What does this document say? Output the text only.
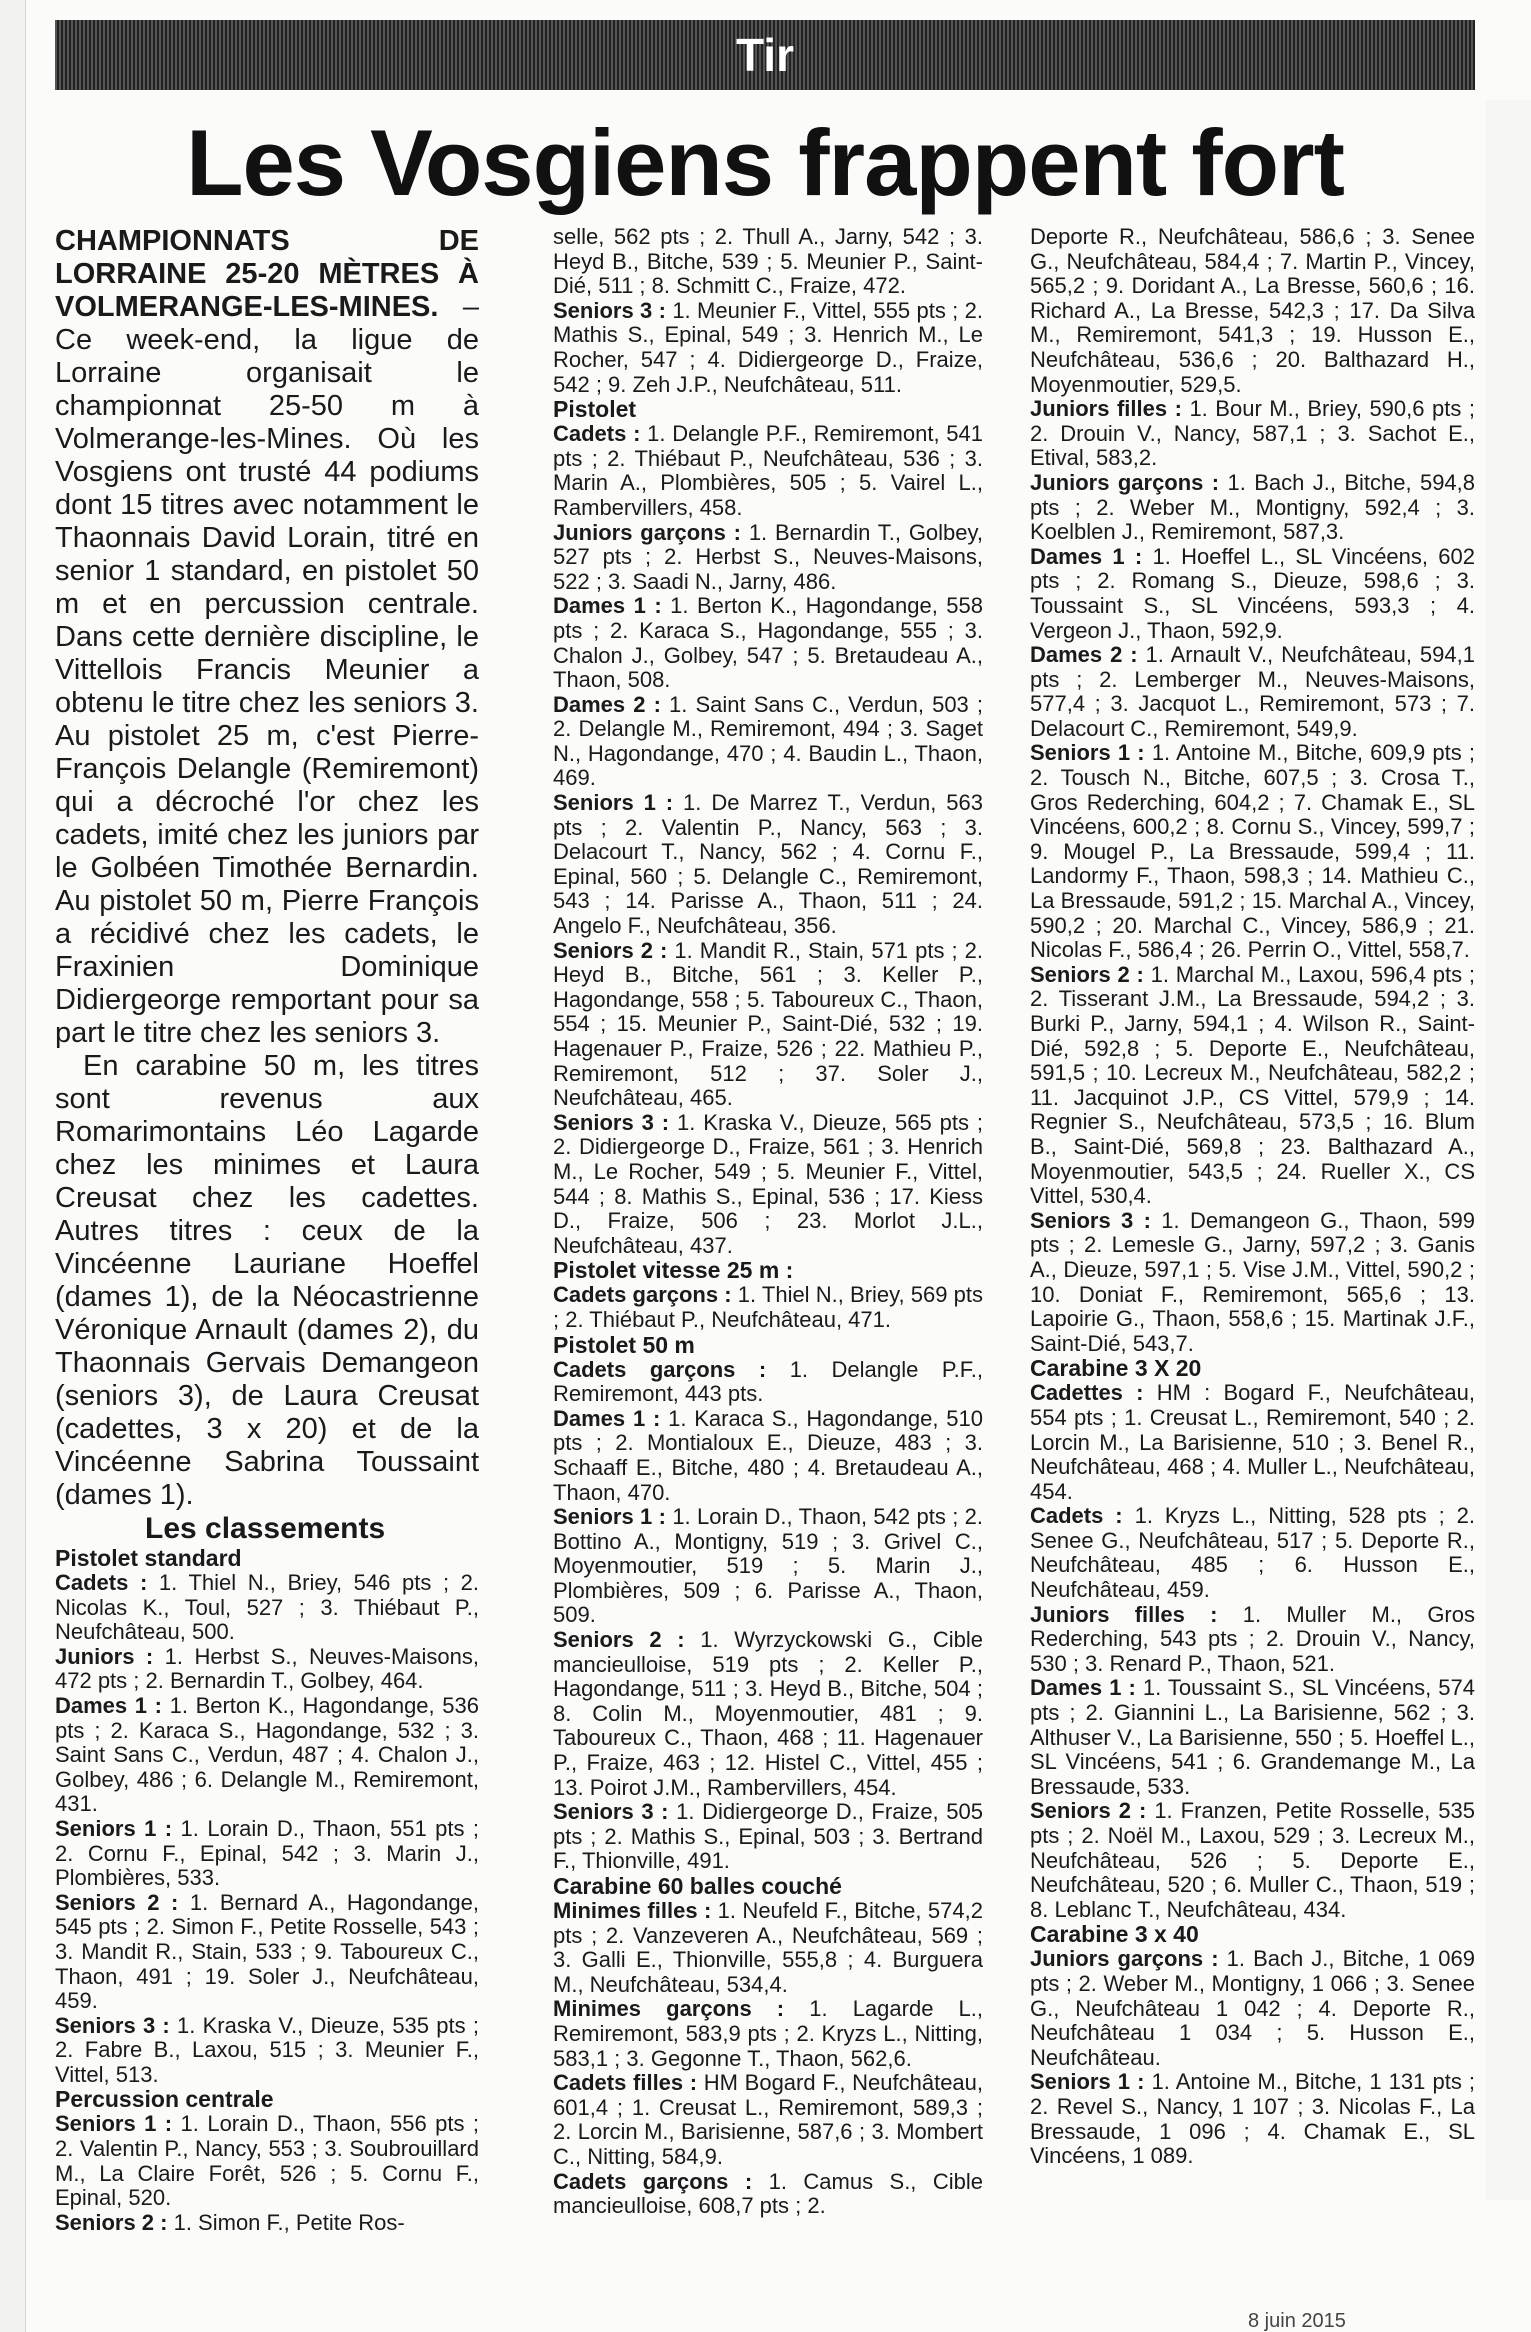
Tir
Les Vosgiens frappent fort

CHAMPIONNATS DE LORRAINE 25-20 MÈTRES À VOLMERANGE-LES-MINES. – Ce week-end, la ligue de Lorraine organisait le championnat 25-50 m à Volmerange-les-Mines. Où les Vosgiens ont trusté 44 podiums dont 15 titres avec notamment le Thaonnais David Lorain, titré en senior 1 standard, en pistolet 50 m et en percussion centrale. Dans cette dernière discipline, le Vittellois Francis Meunier a obtenu le titre chez les seniors 3. Au pistolet 25 m, c'est Pierre-François Delangle (Remiremont) qui a décroché l'or chez les cadets, imité chez les juniors par le Golbéen Timothée Bernardin. Au pistolet 50 m, Pierre François a récidivé chez les cadets, le Fraxinien Dominique Didiergeorge remportant pour sa part le titre chez les seniors 3.

En carabine 50 m, les titres sont revenus aux Romarimontains Léo Lagarde chez les minimes et Laura Creusat chez les cadettes. Autres titres : ceux de la Vincéenne Lauriane Hoeffel (dames 1), de la Néocastrienne Véronique Arnault (dames 2), du Thaonnais Gervais Demangeon (seniors 3), de Laura Creusat (cadettes, 3 x 20) et de la Vincéenne Sabrina Toussaint (dames 1).

Les classements

Pistolet standard

Cadets : 1. Thiel N., Briey, 546 pts ; 2. Nicolas K., Toul, 527 ; 3. Thiébaut P., Neufchâteau, 500.

Juniors : 1. Herbst S., Neuves-Maisons, 472 pts ; 2. Bernardin T., Golbey, 464.

Dames 1 : 1. Berton K., Hagondange, 536 pts ; 2. Karaca S., Hagondange, 532 ; 3. Saint Sans C., Verdun, 487 ; 4. Chalon J., Golbey, 486 ; 6. Delangle M., Remiremont, 431.

Seniors 1 : 1. Lorain D., Thaon, 551 pts ; 2. Cornu F., Epinal, 542 ; 3. Marin J., Plombières, 533.

Seniors 2 : 1. Bernard A., Hagondange, 545 pts ; 2. Simon F., Petite Rosselle, 543 ; 3. Mandit R., Stain, 533 ; 9. Taboureux C., Thaon, 491 ; 19. Soler J., Neufchâteau, 459.

Seniors 3 : 1. Kraska V., Dieuze, 535 pts ; 2. Fabre B., Laxou, 515 ; 3. Meunier F., Vittel, 513.

Percussion centrale

Seniors 1 : 1. Lorain D., Thaon, 556 pts ; 2. Valentin P., Nancy, 553 ; 3. Soubrouillard M., La Claire Forêt, 526 ; 5. Cornu F., Epinal, 520.

Seniors 2 : 1. Simon F., Petite Ros-

selle, 562 pts ; 2. Thull A., Jarny, 542 ; 3. Heyd B., Bitche, 539 ; 5. Meunier P., Saint-Dié, 511 ; 8. Schmitt C., Fraize, 472.

Seniors 3 : 1. Meunier F., Vittel, 555 pts ; 2. Mathis S., Epinal, 549 ; 3. Henrich M., Le Rocher, 547 ; 4. Didiergeorge D., Fraize, 542 ; 9. Zeh J.P., Neufchâteau, 511.

Pistolet

Cadets : 1. Delangle P.F., Remiremont, 541 pts ; 2. Thiébaut P., Neufchâteau, 536 ; 3. Marin A., Plombières, 505 ; 5. Vairel L., Rambervillers, 458.

Juniors garçons : 1. Bernardin T., Golbey, 527 pts ; 2. Herbst S., Neuves-Maisons, 522 ; 3. Saadi N., Jarny, 486.

Dames 1 : 1. Berton K., Hagondange, 558 pts ; 2. Karaca S., Hagondange, 555 ; 3. Chalon J., Golbey, 547 ; 5. Bretaudeau A., Thaon, 508.

Dames 2 : 1. Saint Sans C., Verdun, 503 ; 2. Delangle M., Remiremont, 494 ; 3. Saget N., Hagondange, 470 ; 4. Baudin L., Thaon, 469.

Seniors 1 : 1. De Marrez T., Verdun, 563 pts ; 2. Valentin P., Nancy, 563 ; 3. Delacourt T., Nancy, 562 ; 4. Cornu F., Epinal, 560 ; 5. Delangle C., Remiremont, 543 ; 14. Parisse A., Thaon, 511 ; 24. Angelo F., Neufchâteau, 356.

Seniors 2 : 1. Mandit R., Stain, 571 pts ; 2. Heyd B., Bitche, 561 ; 3. Keller P., Hagondange, 558 ; 5. Taboureux C., Thaon, 554 ; 15. Meunier P., Saint-Dié, 532 ; 19. Hagenauer P., Fraize, 526 ; 22. Mathieu P., Remiremont, 512 ; 37. Soler J., Neufchâteau, 465.

Seniors 3 : 1. Kraska V., Dieuze, 565 pts ; 2. Didiergeorge D., Fraize, 561 ; 3. Henrich M., Le Rocher, 549 ; 5. Meunier F., Vittel, 544 ; 8. Mathis S., Epinal, 536 ; 17. Kiess D., Fraize, 506 ; 23. Morlot J.L., Neufchâteau, 437.

Pistolet vitesse 25 m :

Cadets garçons : 1. Thiel N., Briey, 569 pts ; 2. Thiébaut P., Neufchâteau, 471.

Pistolet 50 m

Cadets garçons : 1. Delangle P.F., Remiremont, 443 pts.

Dames 1 : 1. Karaca S., Hagondange, 510 pts ; 2. Montialoux E., Dieuze, 483 ; 3. Schaaff E., Bitche, 480 ; 4. Bretaudeau A., Thaon, 470.

Seniors 1 : 1. Lorain D., Thaon, 542 pts ; 2. Bottino A., Montigny, 519 ; 3. Grivel C., Moyenmoutier, 519 ; 5. Marin J., Plombières, 509 ; 6. Parisse A., Thaon, 509.

Seniors 2 : 1. Wyrzyckowski G., Cible mancieulloise, 519 pts ; 2. Keller P., Hagondange, 511 ; 3. Heyd B., Bitche, 504 ; 8. Colin M., Moyenmoutier, 481 ; 9. Taboureux C., Thaon, 468 ; 11. Hagenauer P., Fraize, 463 ; 12. Histel C., Vittel, 455 ; 13. Poirot J.M., Rambervillers, 454.

Seniors 3 : 1. Didiergeorge D., Fraize, 505 pts ; 2. Mathis S., Epinal, 503 ; 3. Bertrand F., Thionville, 491.

Carabine 60 balles couché

Minimes filles : 1. Neufeld F., Bitche, 574,2 pts ; 2. Vanzeveren A., Neufchâteau, 569 ; 3. Galli E., Thionville, 555,8 ; 4. Burguera M., Neufchâteau, 534,4.

Minimes garçons : 1. Lagarde L., Remiremont, 583,9 pts ; 2. Kryzs L., Nitting, 583,1 ; 3. Gegonne T., Thaon, 562,6.

Cadets filles : HM Bogard F., Neufchâteau, 601,4 ; 1. Creusat L., Remiremont, 589,3 ; 2. Lorcin M., Barisienne, 587,6 ; 3. Mombert C., Nitting, 584,9.

Cadets garçons : 1. Camus S., Cible mancieulloise, 608,7 pts ; 2.

Deporte R., Neufchâteau, 586,6 ; 3. Senee G., Neufchâteau, 584,4 ; 7. Martin P., Vincey, 565,2 ; 9. Doridant A., La Bresse, 560,6 ; 16. Richard A., La Bresse, 542,3 ; 17. Da Silva M., Remiremont, 541,3 ; 19. Husson E., Neufchâteau, 536,6 ; 20. Balthazard H., Moyenmoutier, 529,5.

Juniors filles : 1. Bour M., Briey, 590,6 pts ; 2. Drouin V., Nancy, 587,1 ; 3. Sachot E., Etival, 583,2.

Juniors garçons : 1. Bach J., Bitche, 594,8 pts ; 2. Weber M., Montigny, 592,4 ; 3. Koelblen J., Remiremont, 587,3.

Dames 1 : 1. Hoeffel L., SL Vincéens, 602 pts ; 2. Romang S., Dieuze, 598,6 ; 3. Toussaint S., SL Vincéens, 593,3 ; 4. Vergeon J., Thaon, 592,9.

Dames 2 : 1. Arnault V., Neufchâteau, 594,1 pts ; 2. Lemberger M., Neuves-Maisons, 577,4 ; 3. Jacquot L., Remiremont, 573 ; 7. Delacourt C., Remiremont, 549,9.

Seniors 1 : 1. Antoine M., Bitche, 609,9 pts ; 2. Tousch N., Bitche, 607,5 ; 3. Crosa T., Gros Rederching, 604,2 ; 7. Chamak E., SL Vincéens, 600,2 ; 8. Cornu S., Vincey, 599,7 ; 9. Mougel P., La Bressaude, 599,4 ; 11. Landormy F., Thaon, 598,3 ; 14. Mathieu C., La Bressaude, 591,2 ; 15. Marchal A., Vincey, 590,2 ; 20. Marchal C., Vincey, 586,9 ; 21. Nicolas F., 586,4 ; 26. Perrin O., Vittel, 558,7.

Seniors 2 : 1. Marchal M., Laxou, 596,4 pts ; 2. Tisserant J.M., La Bressaude, 594,2 ; 3. Burki P., Jarny, 594,1 ; 4. Wilson R., Saint-Dié, 592,8 ; 5. Deporte E., Neufchâteau, 591,5 ; 10. Lecreux M., Neufchâteau, 582,2 ; 11. Jacquinot J.P., CS Vittel, 579,9 ; 14. Regnier S., Neufchâteau, 573,5 ; 16. Blum B., Saint-Dié, 569,8 ; 23. Balthazard A., Moyenmoutier, 543,5 ; 24. Rueller X., CS Vittel, 530,4.

Seniors 3 : 1. Demangeon G., Thaon, 599 pts ; 2. Lemesle G., Jarny, 597,2 ; 3. Ganis A., Dieuze, 597,1 ; 5. Vise J.M., Vittel, 590,2 ; 10. Doniat F., Remiremont, 565,6 ; 13. Lapoirie G., Thaon, 558,6 ; 15. Martinak J.F., Saint-Dié, 543,7.

Carabine 3 X 20

Cadettes : HM : Bogard F., Neufchâteau, 554 pts ; 1. Creusat L., Remiremont, 540 ; 2. Lorcin M., La Barisienne, 510 ; 3. Benel R., Neufchâteau, 468 ; 4. Muller L., Neufchâteau, 454.

Cadets : 1. Kryzs L., Nitting, 528 pts ; 2. Senee G., Neufchâteau, 517 ; 5. Deporte R., Neufchâteau, 485 ; 6. Husson E., Neufchâteau, 459.

Juniors filles : 1. Muller M., Gros Rederching, 543 pts ; 2. Drouin V., Nancy, 530 ; 3. Renard P., Thaon, 521.

Dames 1 : 1. Toussaint S., SL Vincéens, 574 pts ; 2. Giannini L., La Barisienne, 562 ; 3. Althuser V., La Barisienne, 550 ; 5. Hoeffel L., SL Vincéens, 541 ; 6. Grandemange M., La Bressaude, 533.

Seniors 2 : 1. Franzen, Petite Rosselle, 535 pts ; 2. Noël M., Laxou, 529 ; 3. Lecreux M., Neufchâteau, 526 ; 5. Deporte E., Neufchâteau, 520 ; 6. Muller C., Thaon, 519 ; 8. Leblanc T., Neufchâteau, 434.

Carabine 3 x 40

Juniors garçons : 1. Bach J., Bitche, 1 069 pts ; 2. Weber M., Montigny, 1 066 ; 3. Senee G., Neufchâteau 1 042 ; 4. Deporte R., Neufchâteau 1 034 ; 5. Husson E., Neufchâteau.

Seniors 1 : 1. Antoine M., Bitche, 1 131 pts ; 2. Revel S., Nancy, 1 107 ; 3. Nicolas F., La Bressaude, 1 096 ; 4. Chamak E., SL Vincéens, 1 089.

8 juin 2015
